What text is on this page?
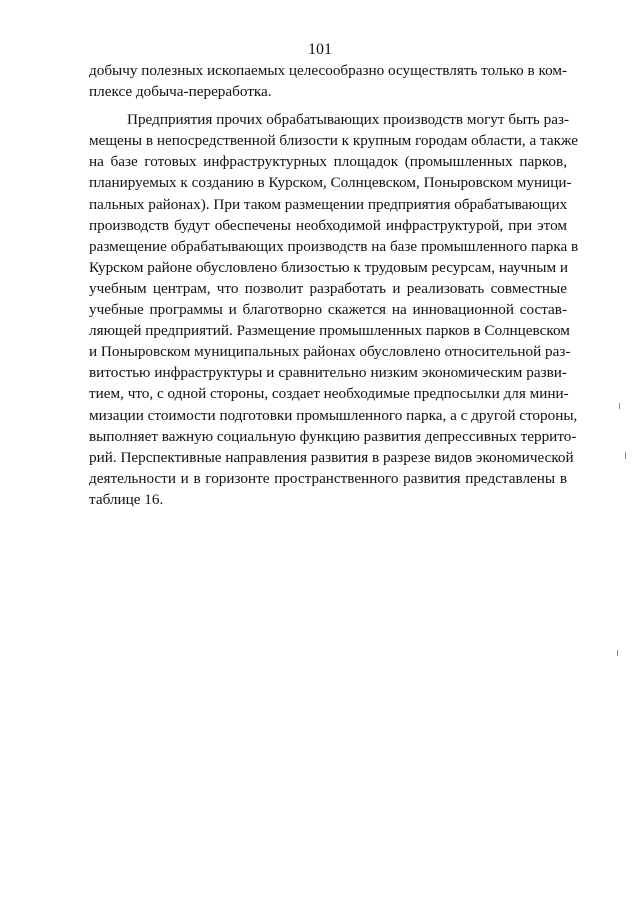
101
добычу полезных ископаемых целесообразно осуществлять только в ком-
плексе добыча-переработка.
Предприятия прочих обрабатывающих производств могут быть раз-
мещены в непосредственной близости к крупным городам области, а также
на базе готовых инфраструктурных площадок (промышленных парков,
планируемых к созданию в Курском, Солнцевском, Поныровском муници-
пальных районах). При таком размещении предприятия обрабатывающих
производств будут обеспечены необходимой инфраструктурой, при этом
размещение обрабатывающих производств на базе промышленного парка в
Курском районе обусловлено близостью к трудовым ресурсам, научным и
учебным центрам, что позволит разработать и реализовать совместные
учебные программы и благотворно скажется на инновационной состав-
ляющей предприятий. Размещение промышленных парков в Солнцевском
и Поныровском муниципальных районах обусловлено относительной раз-
витостью инфраструктуры и сравнительно низким экономическим разви-
тием, что, с одной стороны, создает необходимые предпосылки для мини-
мизации стоимости подготовки промышленного парка, а с другой стороны,
выполняет важную социальную функцию развития депрессивных террито-
рий. Перспективные направления развития в разрезе видов экономической
деятельности и в горизонте пространственного развития представлены в
таблице 16.
